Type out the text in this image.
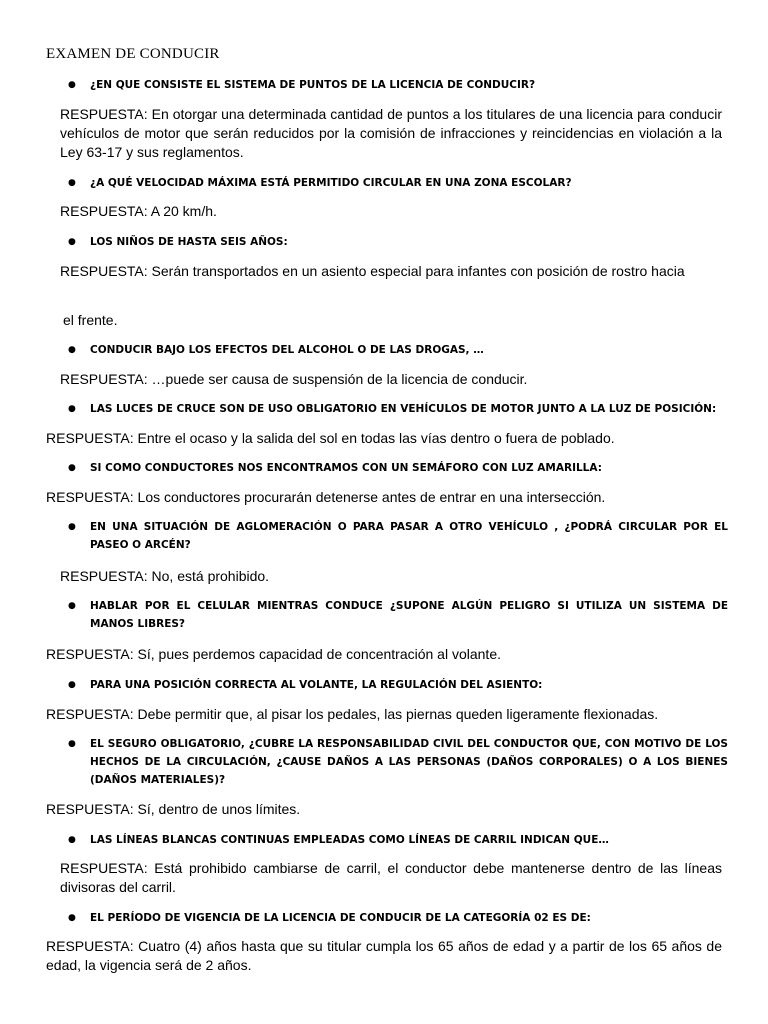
EXAMEN DE CONDUCIR
● ¿EN QUE CONSISTE EL SISTEMA DE PUNTOS DE LA LICENCIA DE CONDUCIR?
RESPUESTA: En otorgar una determinada cantidad de puntos a los titulares de una licencia para conducir vehículos de motor que serán reducidos por la comisión de infracciones y reincidencias en violación a la Ley 63-17 y sus reglamentos.
● ¿A QUÉ VELOCIDAD MÁXIMA ESTÁ PERMITIDO CIRCULAR EN UNA ZONA ESCOLAR?
RESPUESTA: A 20 km/h.
● LOS NIÑOS DE HASTA SEIS AÑOS:
RESPUESTA: Serán transportados en un asiento especial para infantes con posición de rostro hacia
el frente.
● CONDUCIR BAJO LOS EFECTOS DEL ALCOHOL O DE LAS DROGAS, …
RESPUESTA: …puede ser causa de suspensión de la licencia de conducir.
● LAS LUCES DE CRUCE SON DE USO OBLIGATORIO EN VEHÍCULOS DE MOTOR JUNTO A LA LUZ DE POSICIÓN:
RESPUESTA: Entre el ocaso y la salida del sol en todas las vías dentro o fuera de poblado.
● SI COMO CONDUCTORES NOS ENCONTRAMOS CON UN SEMÁFORO CON LUZ AMARILLA:
RESPUESTA: Los conductores procurarán detenerse antes de entrar en una intersección.
● EN UNA SITUACIÓN DE AGLOMERACIÓN O PARA PASAR A OTRO VEHÍCULO , ¿PODRÁ CIRCULAR POR EL PASEO O ARCÉN?
RESPUESTA: No, está prohibido.
● HABLAR POR EL CELULAR MIENTRAS CONDUCE ¿SUPONE ALGÚN PELIGRO SI UTILIZA UN SISTEMA DE MANOS LIBRES?
RESPUESTA: Sí, pues perdemos capacidad de concentración al volante.
● PARA UNA POSICIÓN CORRECTA AL VOLANTE, LA REGULACIÓN DEL ASIENTO:
RESPUESTA: Debe permitir que, al pisar los pedales, las piernas queden ligeramente flexionadas.
● EL SEGURO OBLIGATORIO, ¿CUBRE LA RESPONSABILIDAD CIVIL DEL CONDUCTOR QUE, CON MOTIVO DE LOS HECHOS DE LA CIRCULACIÓN, ¿CAUSE DAÑOS A LAS PERSONAS (DAÑOS CORPORALES) O A LOS BIENES (DAÑOS MATERIALES)?
RESPUESTA: Sí, dentro de unos límites.
● LAS LÍNEAS BLANCAS CONTINUAS EMPLEADAS COMO LÍNEAS DE CARRIL INDICAN QUE…
RESPUESTA: Está prohibido cambiarse de carril, el conductor debe mantenerse dentro de las líneas divisoras del carril.
● EL PERÍODO DE VIGENCIA DE LA LICENCIA DE CONDUCIR DE LA CATEGORÍA 02 ES DE:
RESPUESTA: Cuatro (4) años hasta que su titular cumpla los 65 años de edad y a partir de los 65 años de edad, la vigencia será de 2 años.
